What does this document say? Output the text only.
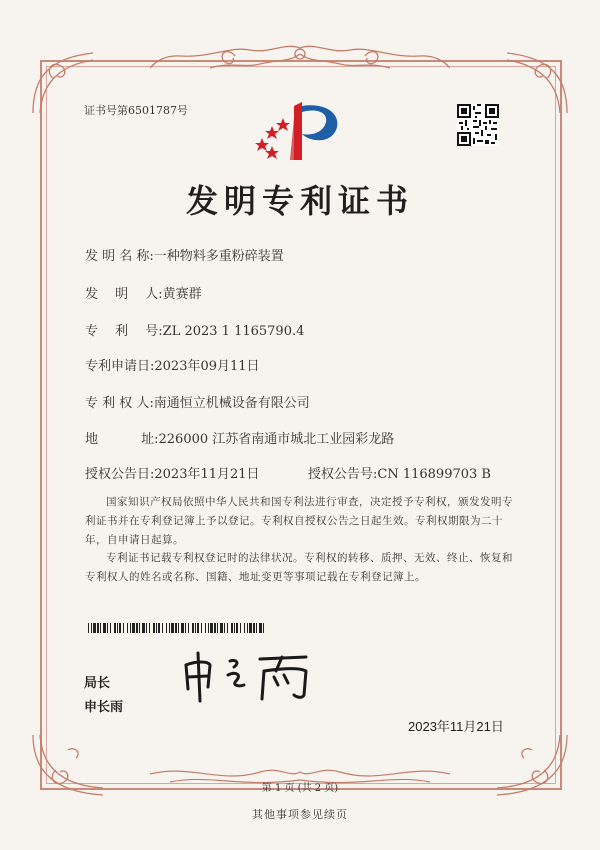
证书号第6501787号
发明专利证书
发 明 名 称:一种物料多重粉碎装置
发　 明　 人:黄赛群
专　 利　 号:ZL 2023 1 1165790.4
专利申请日:2023年09月11日
专 利 权 人:南通恒立机械设备有限公司
地　　　 址:226000 江苏省南通市城北工业园彩龙路
授权公告日:2023年11月21日	授权公告号:CN 116899703 B
国家知识产权局依照中华人民共和国专利法进行审查，决定授予专利权，颁发发明专利证书并在专利登记簿上予以登记。专利权自授权公告之日起生效。专利权期限为二十年，自申请日起算。
专利证书记载专利权登记时的法律状况。专利权的转移、质押、无效、终止、恢复和专利权人的姓名或名称、国籍、地址变更等事项记载在专利登记簿上。
局长
申长雨
2023年11月21日
第 1 页 (共 2 页)
其他事项参见续页
